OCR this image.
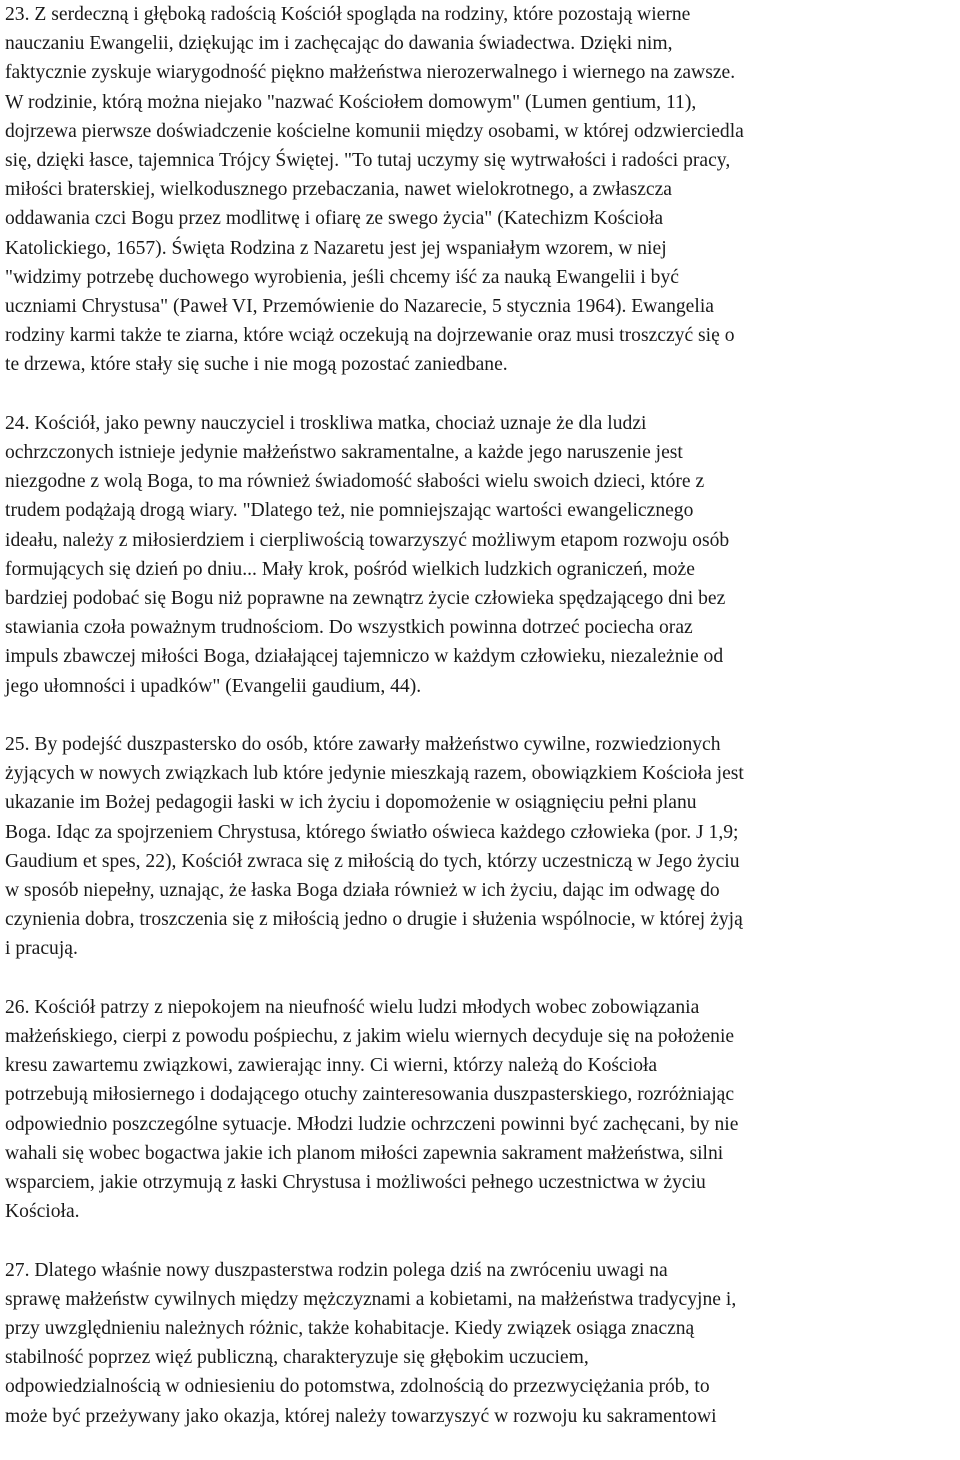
23. Z serdeczną i głęboką radością Kościół spogląda na rodziny, które pozostają wierne
nauczaniu Ewangelii, dziękując im i zachęcając do dawania świadectwa. Dzięki nim,
faktycznie zyskuje wiarygodność piękno małżeństwa nierozerwalnego i wiernego na zawsze.
W rodzinie, którą można niejako "nazwać Kościołem domowym" (Lumen gentium, 11),
dojrzewa pierwsze doświadczenie kościelne komunii między osobami, w której odzwierciedla
się, dzięki łasce, tajemnica Trójcy Świętej. "To tutaj uczymy się wytrwałości i radości pracy,
miłości braterskiej, wielkodusznego przebaczania, nawet wielokrotnego, a zwłaszcza
oddawania czci Bogu przez modlitwę i ofiarę ze swego życia" (Katechizm Kościoła
Katolickiego, 1657). Święta Rodzina z Nazaretu jest jej wspaniałym wzorem, w niej
"widzimy potrzebę duchowego wyrobienia, jeśli chcemy iść za nauką Ewangelii i być
uczniami Chrystusa" (Paweł VI, Przemówienie do Nazarecie, 5 stycznia 1964). Ewangelia
rodziny karmi także te ziarna, które wciąż oczekują na dojrzewanie oraz musi troszczyć się o
te drzewa, które stały się suche i nie mogą pozostać zaniedbane.
24. Kościół, jako pewny nauczyciel i troskliwa matka, chociaż uznaje że dla ludzi
ochrzczonych istnieje jedynie małżeństwo sakramentalne, a każde jego naruszenie jest
niezgodne z wolą Boga, to ma również świadomość słabości wielu swoich dzieci, które z
trudem podążają drogą wiary. "Dlatego też, nie pomniejszając wartości ewangelicznego
ideału, należy z miłosierdziem i cierpliwością towarzyszyć możliwym etapom rozwoju osób
formujących się dzień po dniu... Mały krok, pośród wielkich ludzkich ograniczeń, może
bardziej podobać się Bogu niż poprawne na zewnątrz życie człowieka spędzającego dni bez
stawiania czoła poważnym trudnościom. Do wszystkich powinna dotrzeć pociecha oraz
impuls zbawczej miłości Boga, działającej tajemniczo w każdym człowieku, niezależnie od
jego ułomności i upadków" (Evangelii gaudium, 44).
25. By podejść duszpastersko do osób, które zawarły małżeństwo cywilne, rozwiedzionych
żyjących w nowych związkach lub które jedynie mieszkają razem, obowiązkiem Kościoła jest
ukazanie im Bożej pedagogii łaski w ich życiu i dopomożenie w osiągnięciu pełni planu
Boga. Idąc za spojrzeniem Chrystusa, którego światło oświeca każdego człowieka (por. J 1,9;
Gaudium et spes, 22), Kościół zwraca się z miłością do tych, którzy uczestniczą w Jego życiu
w sposób niepełny, uznając, że łaska Boga działa również w ich życiu, dając im odwagę do
czynienia dobra, troszczenia się z miłością jedno o drugie i służenia wspólnocie, w której żyją
i pracują.
26. Kościół patrzy z niepokojem na nieufność wielu ludzi młodych wobec zobowiązania
małżeńskiego, cierpi z powodu pośpiechu, z jakim wielu wiernych decyduje się na położenie
kresu zawartemu związkowi, zawierając inny. Ci wierni, którzy należą do Kościoła
potrzebują miłosiernego i dodającego otuchy zainteresowania duszpasterskiego, rozróżniając
odpowiednio poszczególne sytuacje. Młodzi ludzie ochrzczeni powinni być zachęcani, by nie
wahali się wobec bogactwa jakie ich planom miłości zapewnia sakrament małżeństwa, silni
wsparciem, jakie otrzymują z łaski Chrystusa i możliwości pełnego uczestnictwa w życiu
Kościoła.
27. Dlatego właśnie nowy duszpasterstwa rodzin polega dziś na zwróceniu uwagi na
sprawę małżeństw cywilnych między mężczyznami a kobietami, na małżeństwa tradycyjne i,
przy uwzględnieniu należnych różnic, także kohabitacje. Kiedy związek osiąga znaczną
stabilność poprzez więź publiczną, charakteryzuje się głębokim uczuciem,
odpowiedzialnością w odniesieniu do potomstwa, zdolnością do przezwyciężania prób, to
może być przeżywany jako okazja, której należy towarzyszyć w rozwoju ku sakramentowi
